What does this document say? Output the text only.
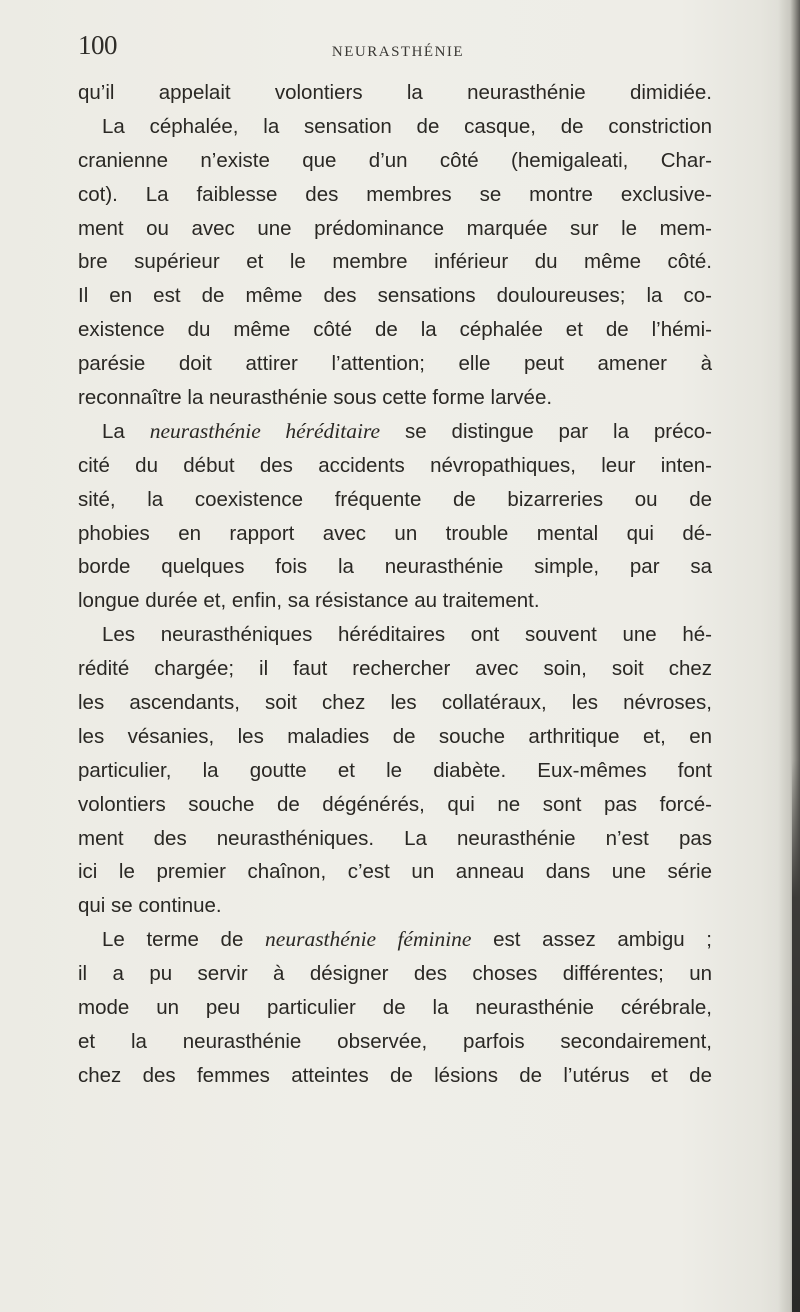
100	NEURASTHÉNIE
qu’il appelait volontiers la neurasthénie dimidiée.
La céphalée, la sensation de casque, de constriction
cranienne n’existe que d’un côté (hemigaleati, Char-
cot). La faiblesse des membres se montre exclusive-
ment ou avec une prédominance marquée sur le mem-
bre supérieur et le membre inférieur du même côté.
Il en est de même des sensations douloureuses; la co-
existence du même côté de la céphalée et de l’hémi-
parésie doit attirer l’attention; elle peut amener à
reconnaître la neurasthénie sous cette forme larvée.
La neurasthénie héréditaire se distingue par la préco-
cité du début des accidents névropathiques, leur inten-
sité, la coexistence fréquente de bizarreries ou de
phobies en rapport avec un trouble mental qui dé-
borde quelques fois la neurasthénie simple, par sa
longue durée et, enfin, sa résistance au traitement.
Les neurasthéniques héréditaires ont souvent une hé-
rédité chargée; il faut rechercher avec soin, soit chez
les ascendants, soit chez les collatéraux, les névroses,
les vésanies, les maladies de souche arthritique et, en
particulier, la goutte et le diabète. Eux-mêmes font
volontiers souche de dégénérés, qui ne sont pas forcé-
ment des neurasthéniques. La neurasthénie n’est pas
ici le premier chaînon, c’est un anneau dans une série
qui se continue.
Le terme de neurasthénie féminine est assez ambigu ;
il a pu servir à désigner des choses différentes; un
mode un peu particulier de la neurasthénie cérébrale,
et la neurasthénie observée, parfois secondairement,
chez des femmes atteintes de lésions de l’utérus et de
